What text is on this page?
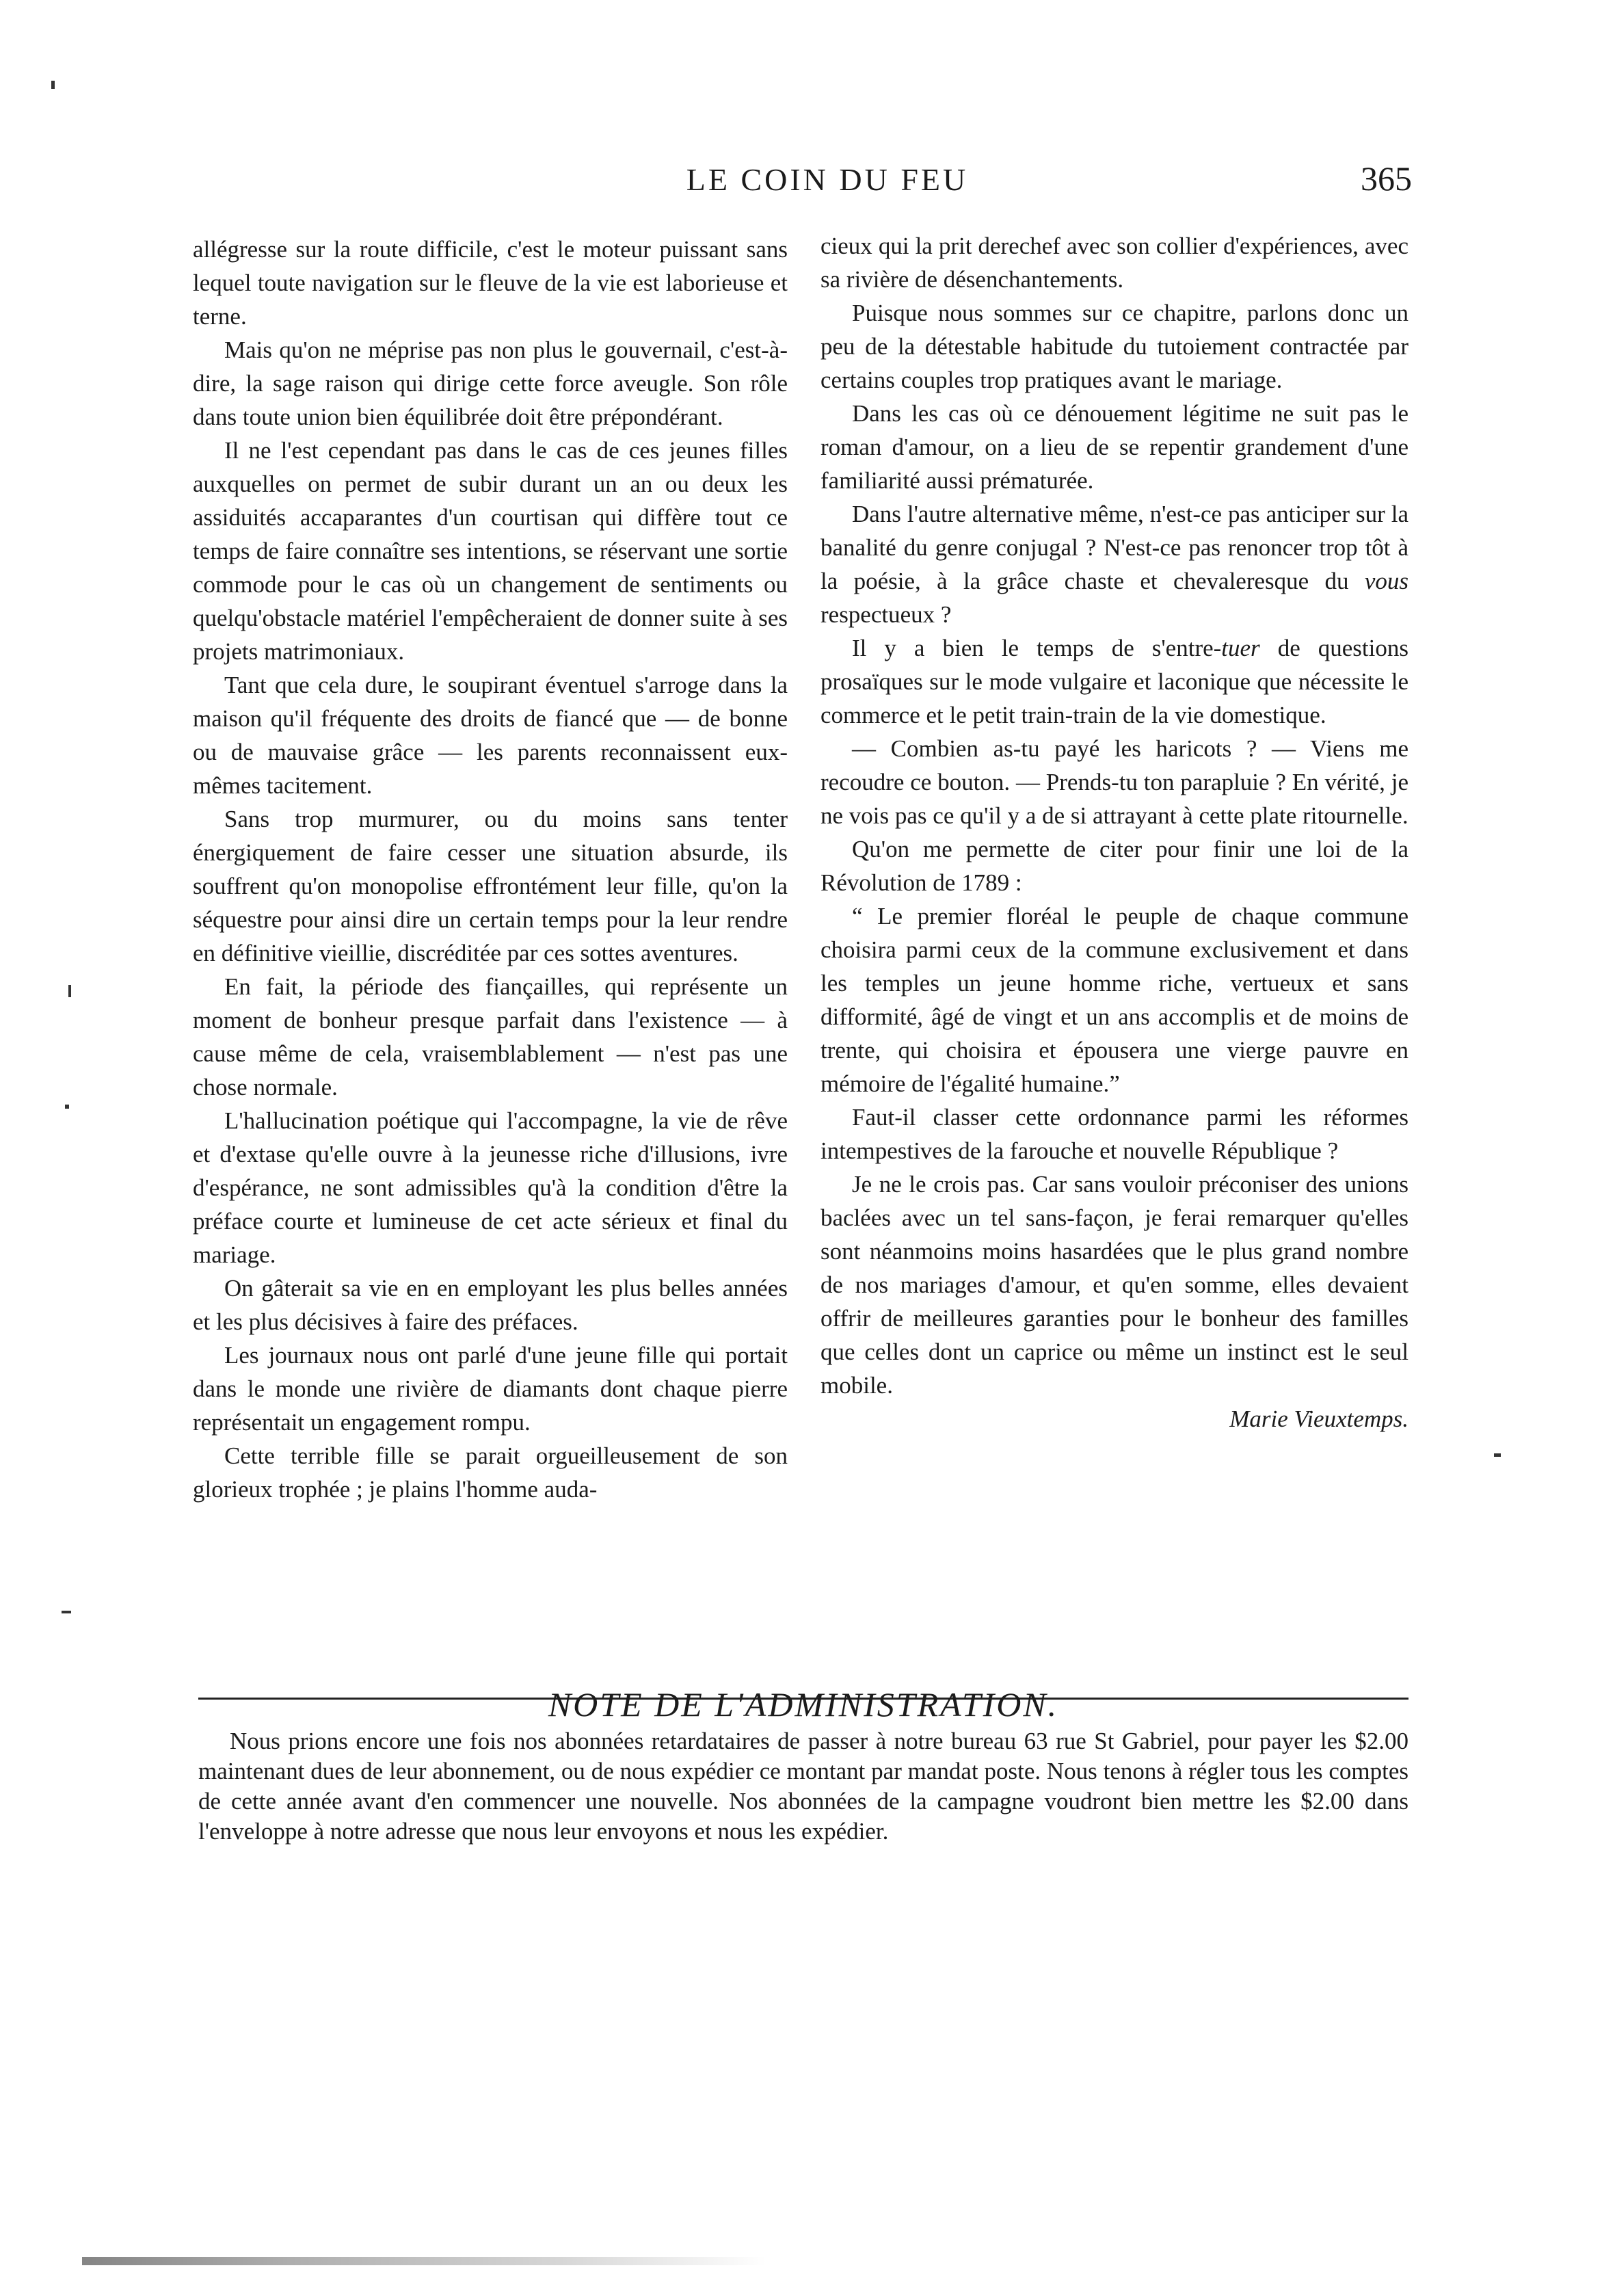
LE COIN DU FEU	365

allégresse sur la route difficile, c'est le moteur puissant sans lequel toute navigation sur le fleuve de la vie est laborieuse et terne.

Mais qu'on ne méprise pas non plus le gouvernail, c'est-à-dire, la sage raison qui dirige cette force aveugle. Son rôle dans toute union bien équilibrée doit être prépondérant.

Il ne l'est cependant pas dans le cas de ces jeunes filles auxquelles on permet de subir durant un an ou deux les assiduités accaparantes d'un courtisan qui diffère tout ce temps de faire connaître ses intentions, se réservant une sortie commode pour le cas où un changement de sentiments ou quelqu'obstacle matériel l'empêcheraient de donner suite à ses projets matrimoniaux.

Tant que cela dure, le soupirant éventuel s'arroge dans la maison qu'il fréquente des droits de fiancé que — de bonne ou de mauvaise grâce — les parents reconnaissent eux-mêmes tacitement.

Sans trop murmurer, ou du moins sans tenter énergiquement de faire cesser une situation absurde, ils souffrent qu'on monopolise effrontément leur fille, qu'on la séquestre pour ainsi dire un certain temps pour la leur rendre en définitive vieillie, discréditée par ces sottes aventures.

En fait, la période des fiançailles, qui représente un moment de bonheur presque parfait dans l'existence — à cause même de cela, vraisemblablement — n'est pas une chose normale.

L'hallucination poétique qui l'accompagne, la vie de rêve et d'extase qu'elle ouvre à la jeunesse riche d'illusions, ivre d'espérance, ne sont admissibles qu'à la condition d'être la préface courte et lumineuse de cet acte sérieux et final du mariage.

On gâterait sa vie en en employant les plus belles années et les plus décisives à faire des préfaces.

Les journaux nous ont parlé d'une jeune fille qui portait dans le monde une rivière de diamants dont chaque pierre représentait un engagement rompu.

Cette terrible fille se parait orgueilleusement de son glorieux trophée ; je plains l'homme auda-

cieux qui la prit derechef avec son collier d'expériences, avec sa rivière de désenchantements.

Puisque nous sommes sur ce chapitre, parlons donc un peu de la détestable habitude du tutoiement contractée par certains couples trop pratiques avant le mariage.

Dans les cas où ce dénouement légitime ne suit pas le roman d'amour, on a lieu de se repentir grandement d'une familiarité aussi prématurée.

Dans l'autre alternative même, n'est-ce pas anticiper sur la banalité du genre conjugal ? N'est-ce pas renoncer trop tôt à la poésie, à la grâce chaste et chevaleresque du vous respectueux ?

Il y a bien le temps de s'entre-tuer de questions prosaïques sur le mode vulgaire et laconique que nécessite le commerce et le petit train-train de la vie domestique.

— Combien as-tu payé les haricots ? — Viens me recoudre ce bouton. — Prends-tu ton parapluie ? En vérité, je ne vois pas ce qu'il y a de si attrayant à cette plate ritournelle.

Qu'on me permette de citer pour finir une loi de la Révolution de 1789 :

“ Le premier floréal le peuple de chaque commune choisira parmi ceux de la commune exclusivement et dans les temples un jeune homme riche, vertueux et sans difformité, âgé de vingt et un ans accomplis et de moins de trente, qui choisira et épousera une vierge pauvre en mémoire de l'égalité humaine.”

Faut-il classer cette ordonnance parmi les réformes intempestives de la farouche et nouvelle République ?

Je ne le crois pas. Car sans vouloir préconiser des unions baclées avec un tel sans-façon, je ferai remarquer qu'elles sont néanmoins moins hasardées que le plus grand nombre de nos mariages d'amour, et qu'en somme, elles devaient offrir de meilleures garanties pour le bonheur des familles que celles dont un caprice ou même un instinct est le seul mobile.

Marie Vieuxtemps.
NOTE DE L'ADMINISTRATION.

Nous prions encore une fois nos abonnées retardataires de passer à notre bureau 63 rue St Gabriel, pour payer les $2.00 maintenant dues de leur abonnement, ou de nous expédier ce montant par mandat poste. Nous tenons à régler tous les comptes de cette année avant d'en commencer une nouvelle. Nos abonnées de la campagne voudront bien mettre les $2.00 dans l'enveloppe à notre adresse que nous leur envoyons et nous les expédier.
